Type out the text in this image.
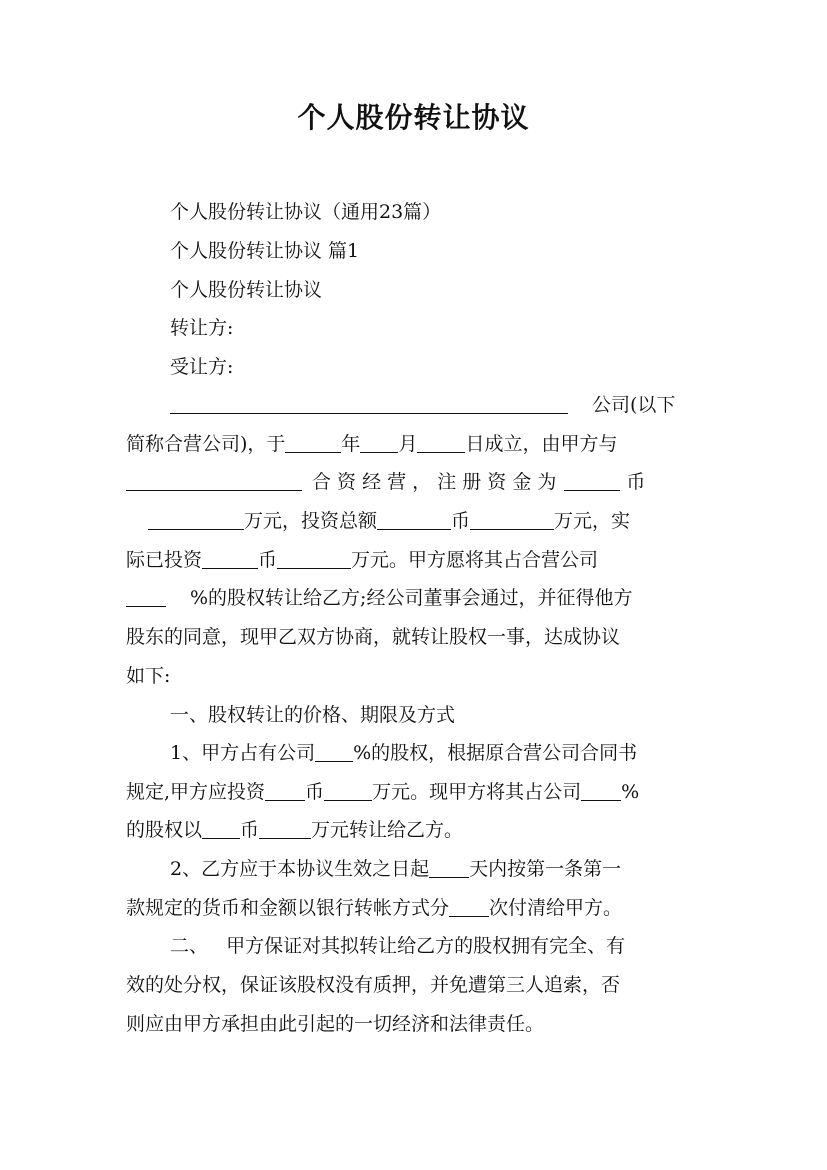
个人股份转让协议
个人股份转让协议（通用23篇）
个人股份转让协议 篇1
个人股份转让协议
转让方:
受让方:
公司(以下
简称合营公司)，于	年 月	日成立，由甲方与
合 资 经 营 ， 注 册 资 金 为	币
万元，投资总额	币	万元，实
际已投资	币	万元。甲方愿将其占合营公司
%的股权转让给乙方;经公司董事会通过，并征得他方
股东的同意，现甲乙双方协商，就转让股权一事，达成协议
如下:
一、股权转让的价格、期限及方式
1、甲方占有公司 %的股权，根据原合营公司合同书
规定,甲方应投资 币	万元。现甲方将其占公司 %
的股权以 币	万元转让给乙方。
2、乙方应于本协议生效之日起 天内按第一条第一
款规定的货币和金额以银行转帐方式分 次付清给甲方。
二、   甲方保证对其拟转让给乙方的股权拥有完全、有
效的处分权，保证该股权没有质押，并免遭第三人追索，否
则应由甲方承担由此引起的一切经济和法律责任。
